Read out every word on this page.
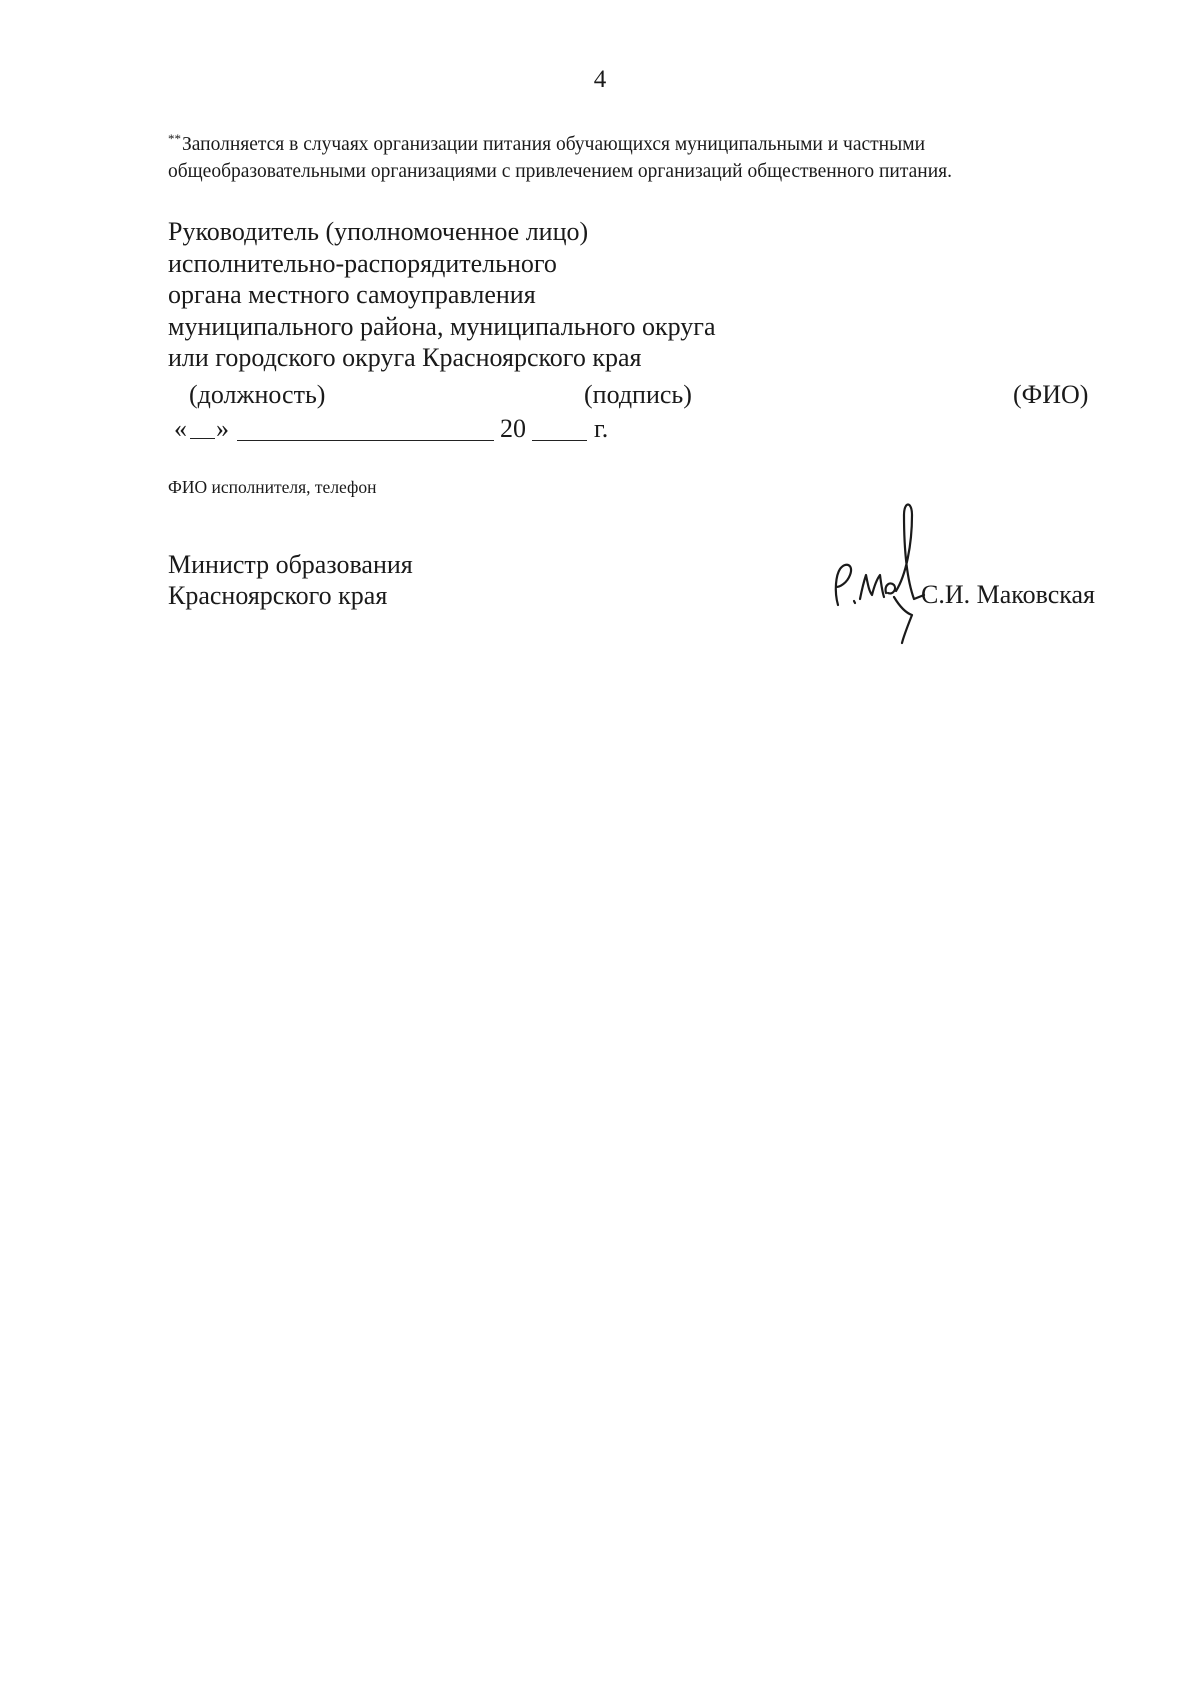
4
**Заполняется в случаях организации питания обучающихся муниципальными и частными
общеобразовательными организациями с привлечением организаций общественного питания.
Руководитель (уполномоченное лицо)
исполнительно-распорядительного
органа местного самоуправления
муниципального района, муниципального округа
или городского округа Красноярского края
(должность)	(подпись)	(ФИО)
« »	20	г.
ФИО исполнителя, телефон
Министр образования
Красноярского края	С.И. Маковская
